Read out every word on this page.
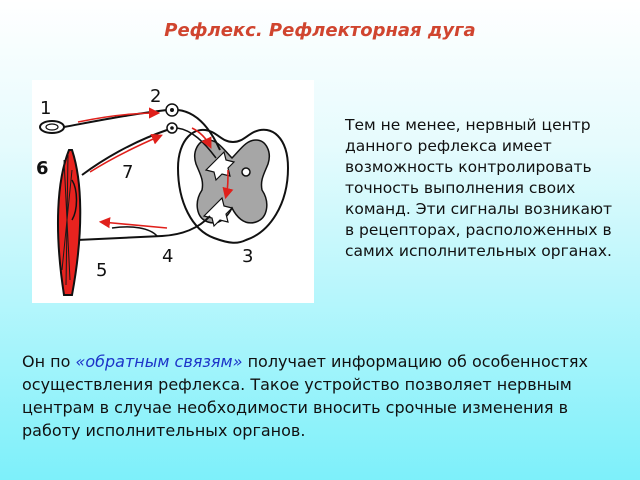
Рефлекс. Рефлекторная дуга
1
2
3
4
5
6	7
Тем не менее, нервный центр данного рефлекса имеет возможность контролировать точность выполнения своих команд. Эти сигналы возникают в рецепторах, расположенных в самих исполнительных органах.
Он по «обратным связям» получает информацию об особенностях осуществления рефлекса. Такое устройство позволяет нервным центрам в случае необходимости вносить срочные изменения в работу исполнительных органов.
